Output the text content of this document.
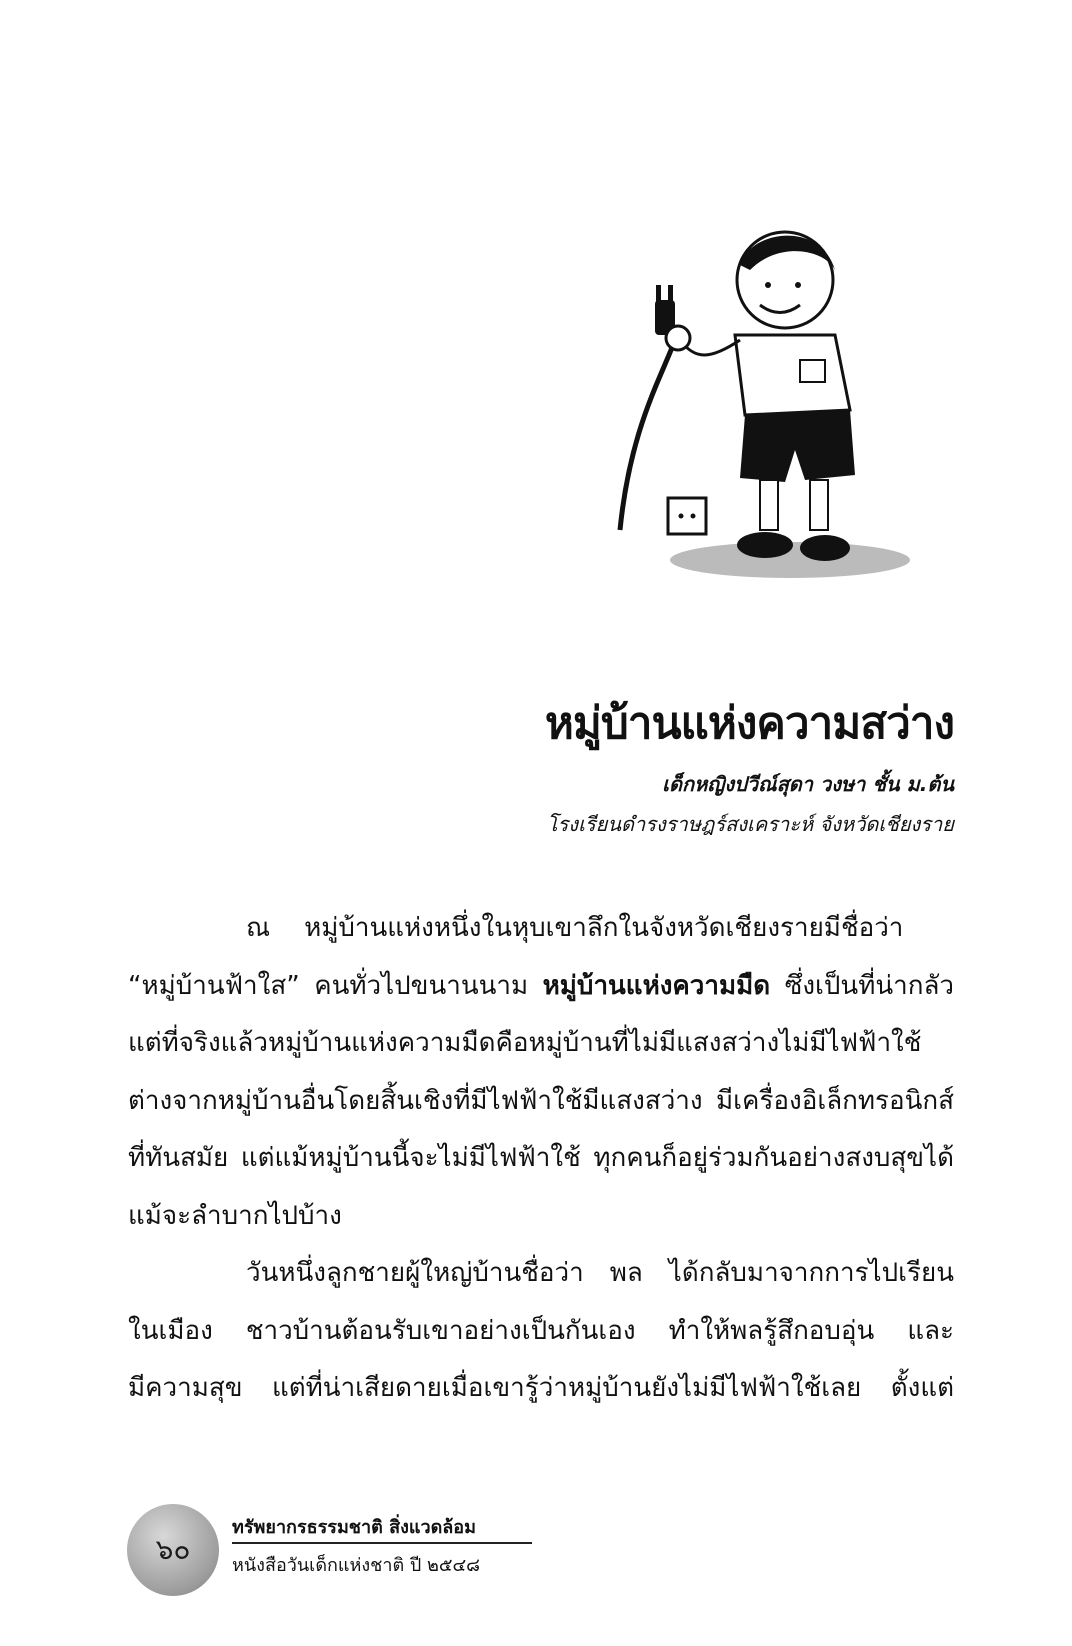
หมู่บ้านแห่งความสว่าง
เด็กหญิงปวีณ์สุดา วงษา ชั้น ม.ต้น
โรงเรียนดำรงราษฎร์สงเคราะห์ จังหวัดเชียงราย
ณ หมู่บ้านแห่งหนึ่งในหุบเขาลึกในจังหวัดเชียงรายมีชื่อว่า
“หมู่บ้านฟ้าใส” คนทั่วไปขนานนาม หมู่บ้านแห่งความมืด ซึ่งเป็นที่น่ากลัว
แต่ที่จริงแล้วหมู่บ้านแห่งความมืดคือหมู่บ้านที่ไม่มีแสงสว่างไม่มีไฟฟ้าใช้
ต่างจากหมู่บ้านอื่นโดยสิ้นเชิงที่มีไฟฟ้าใช้มีแสงสว่าง มีเครื่องอิเล็กทรอนิกส์
ที่ทันสมัย แต่แม้หมู่บ้านนี้จะไม่มีไฟฟ้าใช้ ทุกคนก็อยู่ร่วมกันอย่างสงบสุขได้
แม้จะลำบากไปบ้าง
วันหนึ่งลูกชายผู้ใหญ่บ้านชื่อว่า พล ได้กลับมาจากการไปเรียน
ในเมือง ชาวบ้านต้อนรับเขาอย่างเป็นกันเอง ทำให้พลรู้สึกอบอุ่น และ
มีความสุข แต่ที่น่าเสียดายเมื่อเขารู้ว่าหมู่บ้านยังไม่มีไฟฟ้าใช้เลย ตั้งแต่
๖๐
ทรัพยากรธรรมชาติ สิ่งแวดล้อม
หนังสือวันเด็กแห่งชาติ ปี ๒๕๔๘
